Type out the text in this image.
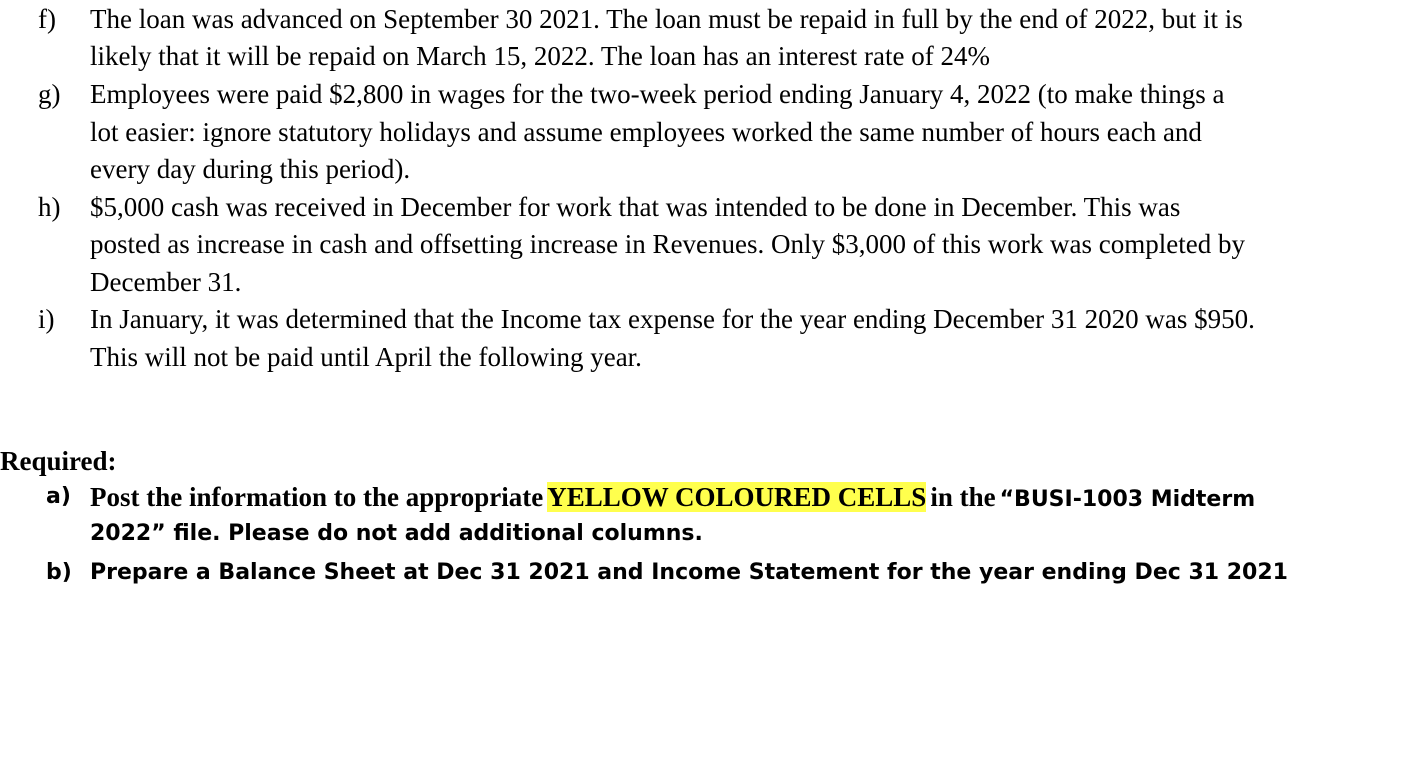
f)	The loan was advanced on September 30 2021. The loan must be repaid in full by the end of 2022, but it is
likely that it will be repaid on March 15, 2022. The loan has an interest rate of 24%
g)	Employees were paid $2,800 in wages for the two-week period ending January 4, 2022 (to make things a
lot easier: ignore statutory holidays and assume employees worked the same number of hours each and
every day during this period).
h)	$5,000 cash was received in December for work that was intended to be done in December. This was
posted as increase in cash and offsetting increase in Revenues. Only $3,000 of this work was completed by
December 31.
i)	In January, it was determined that the Income tax expense for the year ending December 31 2020 was $950.
This will not be paid until April the following year.
Required:
a) Post the information to the appropriate YELLOW COLOURED CELLS in the “BUSI-1003 Midterm
2022” file. Please do not add additional columns.
b) Prepare a Balance Sheet at Dec 31 2021 and Income Statement for the year ending Dec 31 2021
